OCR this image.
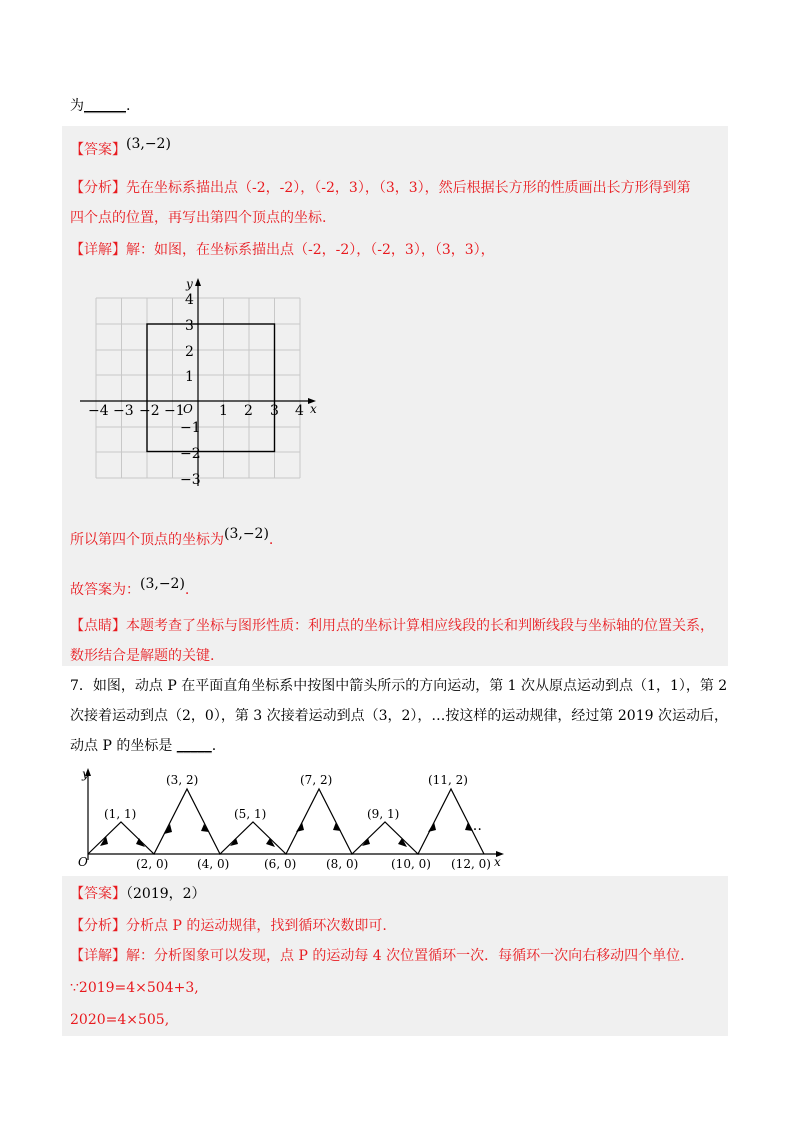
为______.
【答案】(3,−2)
【分析】先在坐标系描出点（-2，-2），（-2，3），（3，3），然后根据长方形的性质画出长方形得到第
四个点的位置，再写出第四个顶点的坐标.
【详解】解：如图，在坐标系描出点（-2，-2），（-2，3），（3，3），
x
y
O
−4 −3 −2 −1 1 2 3 4
4
3
2
1
−1
−2
−3
所以第四个顶点的坐标为(3,−2).
故答案为：(3,−2).
【点睛】本题考查了坐标与图形性质：利用点的坐标计算相应线段的长和判断线段与坐标轴的位置关系，
数形结合是解题的关键.
7．如图，动点 P 在平面直角坐标系中按图中箭头所示的方向运动，第 1 次从原点运动到点（1，1），第 2
次接着运动到点（2，0），第 3 次接着运动到点（3，2），…按这样的运动规律，经过第 2019 次运动后，
动点 P 的坐标是 _____.
y
x
O
(1, 1)
(3, 2)
(5, 1)
(7, 2)
(9, 1)
(11, 2)
(2, 0) (4, 0)	(6, 0) (8, 0)	(10, 0) (12, 0)
…
【答案】（2019，2）
【分析】分析点 P 的运动规律，找到循环次数即可.
【详解】解：分析图象可以发现，点 P 的运动每 4 次位置循环一次．每循环一次向右移动四个单位.
∵2019=4×504+3,
2020=4×505,
